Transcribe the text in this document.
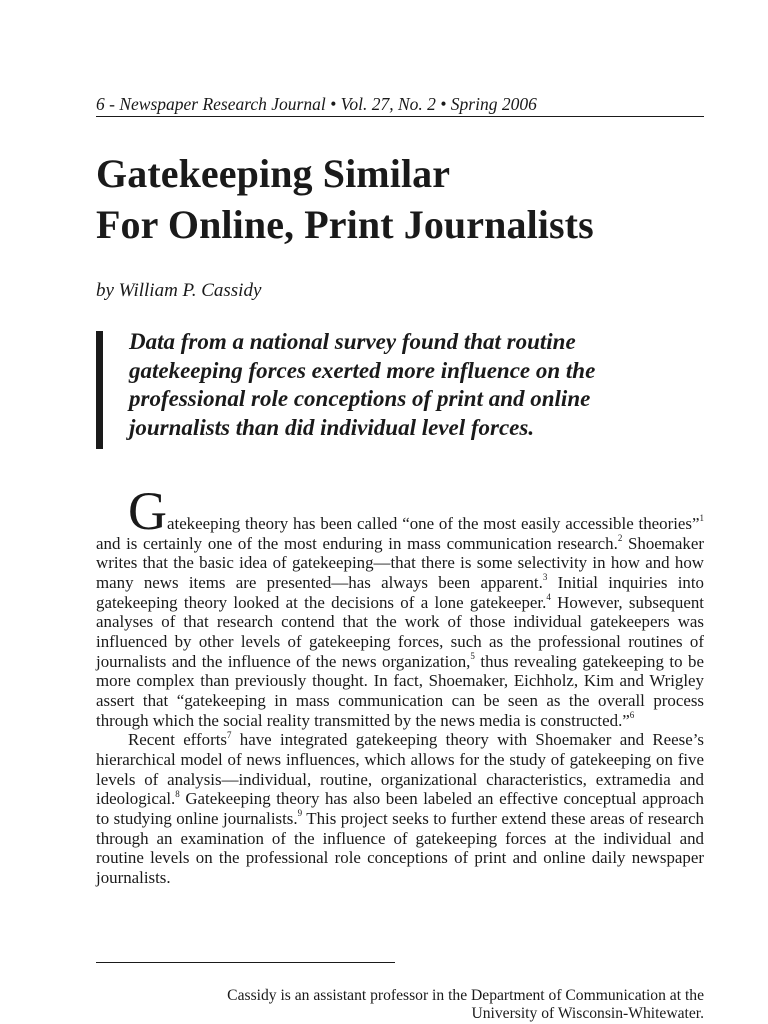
6 - Newspaper Research Journal • Vol. 27, No. 2 • Spring 2006
Gatekeeping Similar
For Online, Print Journalists
by William P. Cassidy

Data from a national survey found that routine
gatekeeping forces exerted more influence on the
professional role conceptions of print and online
journalists than did individual level forces.

Gatekeeping theory has been called “one of the most easily accessible theories”$^1$ and is certainly one of the most enduring in mass communication research.$^2$ Shoemaker writes that the basic idea of gatekeeping—that there is some selectivity in how and how many news items are presented—has always been apparent.$^3$ Initial inquiries into gatekeeping theory looked at the decisions of a lone gatekeeper.$^4$ However, subsequent analyses of that research contend that the work of those individual gatekeepers was influenced by other levels of gatekeeping forces, such as the professional routines of journalists and the influence of the news organization,$^5$ thus revealing gatekeeping to be more complex than previously thought. In fact, Shoemaker, Eichholz, Kim and Wrigley assert that “gatekeeping in mass communication can be seen as the overall process through which the social reality transmitted by the news media is constructed.”$^6$

Recent efforts$^7$ have integrated gatekeeping theory with Shoemaker and Reese’s hierarchical model of news influences, which allows for the study of gatekeeping on five levels of analysis—individual, routine, organizational characteristics, extramedia and ideological.$^8$ Gatekeeping theory has also been labeled an effective conceptual approach to studying online journalists.$^9$ This project seeks to further extend these areas of research through an examination of the influence of gatekeeping forces at the individual and routine levels on the professional role conceptions of print and online daily newspaper journalists.

Cassidy is an assistant professor in the Department of Communication at the
University of Wisconsin-Whitewater.
